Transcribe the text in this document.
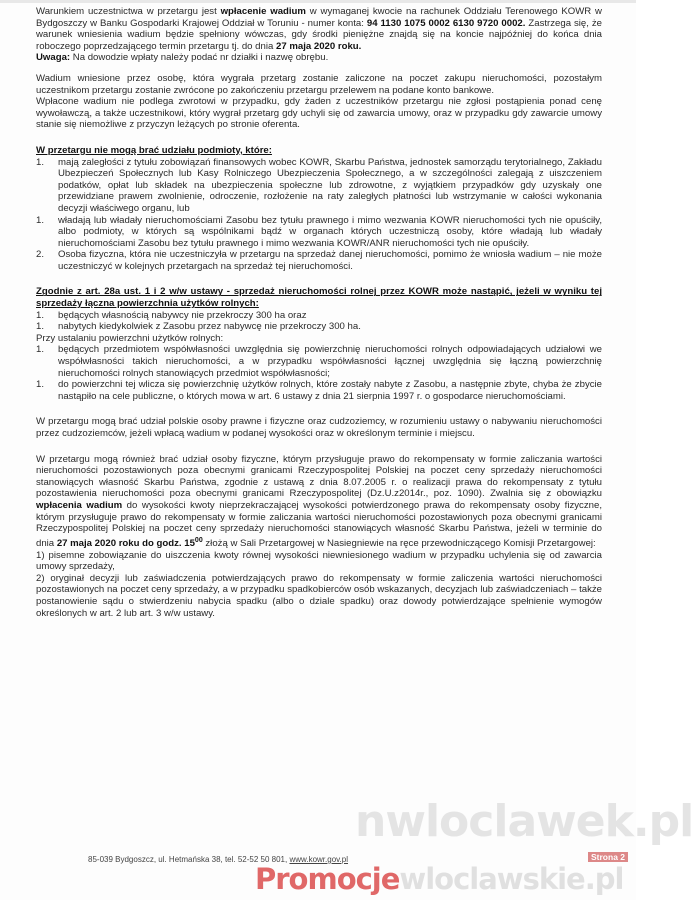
Warunkiem uczestnictwa w przetargu jest wpłacenie wadium w wymaganej kwocie na rachunek Oddziału Terenowego KOWR w Bydgoszczy w Banku Gospodarki Krajowej Oddział w Toruniu - numer konta: 94 1130 1075 0002 6130 9720 0002. Zastrzega się, że warunek wniesienia wadium będzie spełniony wówczas, gdy środki pieniężne znajdą się na koncie najpóźniej do końca dnia roboczego poprzedzającego termin przetargu tj. do dnia 27 maja 2020 roku.
Uwaga: Na dowodzie wpłaty należy podać nr działki i nazwę obrębu.

Wadium wniesione przez osobę, która wygrała przetarg zostanie zaliczone na poczet zakupu nieruchomości, pozostałym uczestnikom przetargu zostanie zwrócone po zakończeniu przetargu przelewem na podane konto bankowe.

Wpłacone wadium nie podlega zwrotowi w przypadku, gdy żaden z uczestników przetargu nie zgłosi postąpienia ponad cenę wywoławczą, a także uczestnikowi, który wygrał przetarg gdy uchyli się od zawarcia umowy, oraz w przypadku gdy zawarcie umowy stanie się niemożliwe z przyczyn leżących po stronie oferenta.

W przetargu nie mogą brać udziału podmioty, które:

1.	mają zaległości z tytułu zobowiązań finansowych wobec KOWR, Skarbu Państwa, jednostek samorządu terytorialnego, Zakładu Ubezpieczeń Społecznych lub Kasy Rolniczego Ubezpieczenia Społecznego, a w szczególności zalegają z uiszczeniem podatków, opłat lub składek na ubezpieczenia społeczne lub zdrowotne, z wyjątkiem przypadków gdy uzyskały one przewidziane prawem zwolnienie, odroczenie, rozłożenie na raty zaległych płatności lub wstrzymanie w całości wykonania decyzji właściwego organu, lub
1.	władają lub władały nieruchomościami Zasobu bez tytułu prawnego i mimo wezwania KOWR nieruchomości tych nie opuściły, albo podmioty, w których są wspólnikami bądź w organach których uczestniczą osoby, które władają lub władały nieruchomościami Zasobu bez tytułu prawnego i mimo wezwania KOWR/ANR nieruchomości tych nie opuściły.
2.	Osoba fizyczna, która nie uczestniczyła w przetargu na sprzedaż danej nieruchomości, pomimo że wniosła wadium – nie może uczestniczyć w kolejnych przetargach na sprzedaż tej nieruchomości.

Zgodnie z art. 28a ust. 1 i 2 w/w ustawy - sprzedaż nieruchomości rolnej przez KOWR może nastąpić, jeżeli w wyniku tej sprzedaży łączna powierzchnia użytków rolnych:

1.	będących własnością nabywcy nie przekroczy 300 ha oraz
1.	nabytych kiedykolwiek z Zasobu przez nabywcę nie przekroczy 300 ha.

Przy ustalaniu powierzchni użytków rolnych:

1.	będących przedmiotem współwłasności uwzględnia się powierzchnię nieruchomości rolnych odpowiadających udziałowi we współwłasności takich nieruchomości, a w przypadku współwłasności łącznej uwzględnia się łączną powierzchnię nieruchomości rolnych stanowiących przedmiot współwłasności;
1.	do powierzchni tej wlicza się powierzchnię użytków rolnych, które zostały nabyte z Zasobu, a następnie zbyte, chyba że zbycie nastąpiło na cele publiczne, o których mowa w art. 6 ustawy z dnia 21 sierpnia 1997 r. o gospodarce nieruchomościami.

W przetargu mogą brać udział polskie osoby prawne i fizyczne oraz cudzoziemcy, w rozumieniu ustawy o nabywaniu nieruchomości przez cudzoziemców, jeżeli wpłacą wadium w podanej wysokości oraz w określonym terminie i miejscu.

W przetargu mogą również brać udział osoby fizyczne, którym przysługuje prawo do rekompensaty w formie zaliczania wartości nieruchomości pozostawionych poza obecnymi granicami Rzeczypospolitej Polskiej na poczet ceny sprzedaży nieruchomości stanowiących własność Skarbu Państwa, zgodnie z ustawą z dnia 8.07.2005 r. o realizacji prawa do rekompensaty z tytułu pozostawienia nieruchomości poza obecnymi granicami Rzeczypospolitej (Dz.U.z2014r., poz. 1090). Zwalnia się z obowiązku wpłacenia wadium do wysokości kwoty nieprzekraczającej wysokości potwierdzonego prawa do rekompensaty osoby fizyczne, którym przysługuje prawo do rekompensaty w formie zaliczania wartości nieruchomości pozostawionych poza obecnymi granicami Rzeczypospolitej Polskiej na poczet ceny sprzedaży nieruchomości stanowiących własność Skarbu Państwa, jeżeli w terminie do dnia 27 maja 2020 roku do godz. $15^{00}$ złożą w Sali Przetargowej w Nasiegniewie na ręce przewodniczącego Komisji Przetargowej:

1) pisemne zobowiązanie do uiszczenia kwoty równej wysokości niewniesionego wadium w przypadku uchylenia się od zawarcia umowy sprzedaży,

2) oryginał decyzji lub zaświadczenia potwierdzających prawo do rekompensaty w formie zaliczenia wartości nieruchomości pozostawionych na poczet ceny sprzedaży, a w przypadku spadkobierców osób wskazanych, decyzjach lub zaświadczeniach – także postanowienie sądu o stwierdzeniu nabycia spadku (albo o dziale spadku) oraz dowody potwierdzające spełnienie wymogów określonych w art. 2 lub art. 3 w/w ustawy.

nwloclawek.pl
85-039 Bydgoszcz, ul. Hetmańska 38, tel. 52-52 50 801, www.kowr.gov.pl	Strona 2
Promocjewloclawskie.pl
